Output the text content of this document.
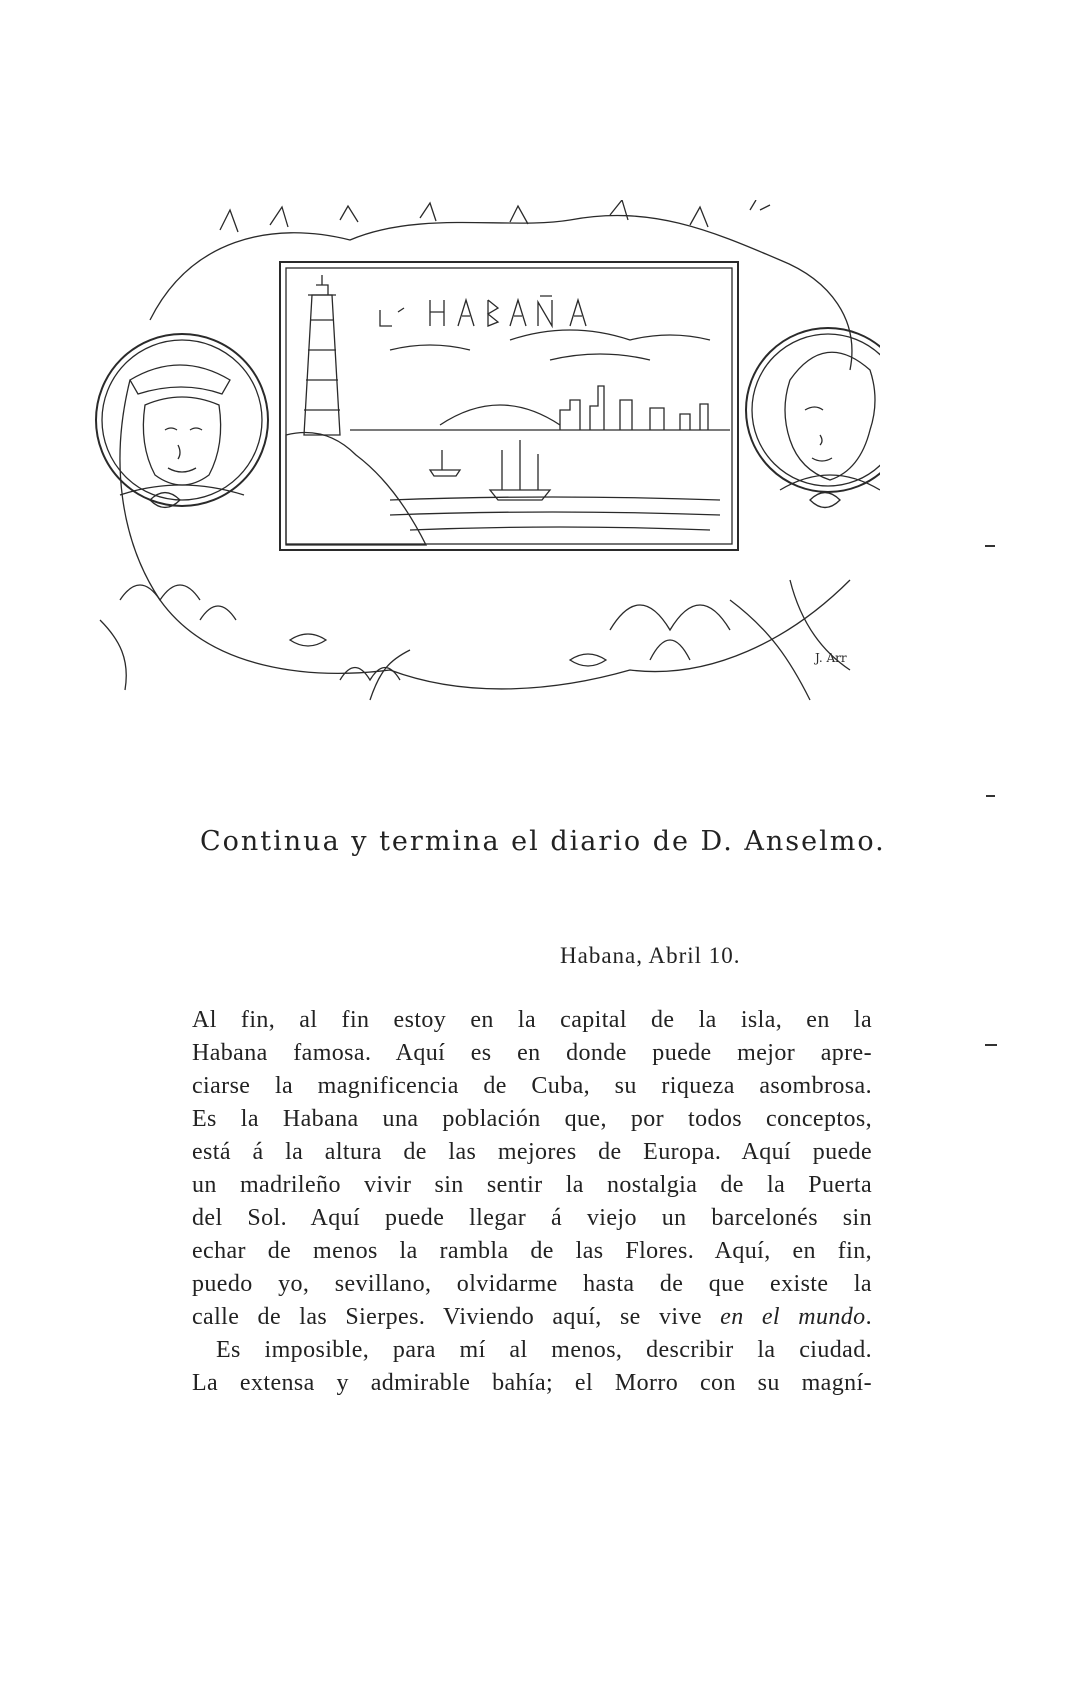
J. Arr
Continua y termina el diario de D. Anselmo.
Habana, Abril 10.
Al fin, al fin estoy en la capital de la isla, en la
Habana famosa. Aquí es en donde puede mejor apre-
ciarse la magnificencia de Cuba, su riqueza asombrosa.
Es la Habana una población que, por todos conceptos,
está á la altura de las mejores de Europa. Aquí puede
un madrileño vivir sin sentir la nostalgia de la Puerta
del Sol. Aquí puede llegar á viejo un barcelonés sin
echar de menos la rambla de las Flores. Aquí, en fin,
puedo yo, sevillano, olvidarme hasta de que existe la
calle de las Sierpes. Viviendo aquí, se vive en el mundo.
Es imposible, para mí al menos, describir la ciudad.
La extensa y admirable bahía; el Morro con su magní-
